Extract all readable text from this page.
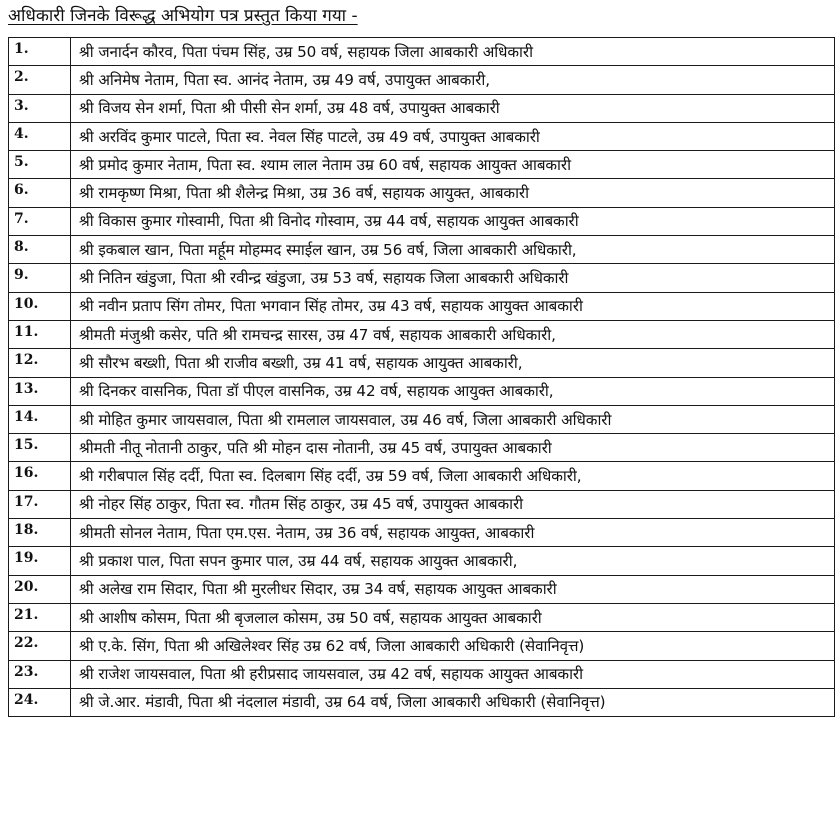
अधिकारी जिनके विरूद्ध अभियोग पत्र प्रस्तुत किया गया -
1.	श्री जनार्दन कौरव, पिता पंचम सिंह, उम्र 50 वर्ष, सहायक जिला आबकारी अधिकारी
2.	श्री अनिमेष नेताम, पिता स्व. आनंद नेताम, उम्र 49 वर्ष, उपायुक्त आबकारी,
3.	श्री विजय सेन शर्मा, पिता श्री पीसी सेन शर्मा, उम्र 48 वर्ष, उपायुक्त आबकारी
4.	श्री अरविंद कुमार पाटले, पिता स्व. नेवल सिंह पाटले, उम्र 49 वर्ष, उपायुक्त आबकारी
5.	श्री प्रमोद कुमार नेताम, पिता स्व. श्याम लाल नेताम उम्र 60 वर्ष, सहायक आयुक्त आबकारी
6.	श्री रामकृष्ण मिश्रा, पिता श्री शैलेन्द्र मिश्रा, उम्र 36 वर्ष, सहायक आयुक्त, आबकारी
7.	श्री विकास कुमार गोस्वामी, पिता श्री विनोद गोस्वाम, उम्र 44 वर्ष, सहायक आयुक्त आबकारी
8.	श्री इकबाल खान, पिता मर्हूम मोहम्मद स्माईल खान, उम्र 56 वर्ष, जिला आबकारी अधिकारी,
9.	श्री नितिन खंडुजा, पिता श्री रवीन्द्र खंडुजा, उम्र 53 वर्ष, सहायक जिला आबकारी अधिकारी
10.	श्री नवीन प्रताप सिंग तोमर, पिता भगवान सिंह तोमर, उम्र 43 वर्ष, सहायक आयुक्त आबकारी
11.	श्रीमती मंजुश्री कसेर, पति श्री रामचन्द्र सारस, उम्र 47 वर्ष, सहायक आबकारी अधिकारी,
12.	श्री सौरभ बख्शी, पिता श्री राजीव बख्शी, उम्र 41 वर्ष, सहायक आयुक्त आबकारी,
13.	श्री दिनकर वासनिक, पिता डॉ पीएल वासनिक, उम्र 42 वर्ष, सहायक आयुक्त आबकारी,
14.	श्री मोहित कुमार जायसवाल, पिता श्री रामलाल जायसवाल, उम्र 46 वर्ष, जिला आबकारी अधिकारी
15.	श्रीमती नीतू नोतानी ठाकुर, पति श्री मोहन दास नोतानी, उम्र 45 वर्ष, उपायुक्त आबकारी
16.	श्री गरीबपाल सिंह दर्दी, पिता स्व. दिलबाग सिंह दर्दी, उम्र 59 वर्ष, जिला आबकारी अधिकारी,
17.	श्री नोहर सिंह ठाकुर, पिता स्व. गौतम सिंह ठाकुर, उम्र 45 वर्ष, उपायुक्त आबकारी
18.	श्रीमती सोनल नेताम, पिता एम.एस. नेताम, उम्र 36 वर्ष, सहायक आयुक्त, आबकारी
19.	श्री प्रकाश पाल, पिता सपन कुमार पाल, उम्र 44 वर्ष, सहायक आयुक्त आबकारी,
20.	श्री अलेख राम सिदार, पिता श्री मुरलीधर सिदार, उम्र 34 वर्ष, सहायक आयुक्त आबकारी
21.	श्री आशीष कोसम, पिता श्री बृजलाल कोसम, उम्र 50 वर्ष, सहायक आयुक्त आबकारी
22.	श्री ए.के. सिंग, पिता श्री अखिलेश्वर सिंह उम्र 62 वर्ष, जिला आबकारी अधिकारी (सेवानिवृत्त)
23.	श्री राजेश जायसवाल, पिता श्री हरीप्रसाद जायसवाल, उम्र 42 वर्ष, सहायक आयुक्त आबकारी
24.	श्री जे.आर. मंडावी, पिता श्री नंदलाल मंडावी, उम्र 64 वर्ष, जिला आबकारी अधिकारी (सेवानिवृत्त)
